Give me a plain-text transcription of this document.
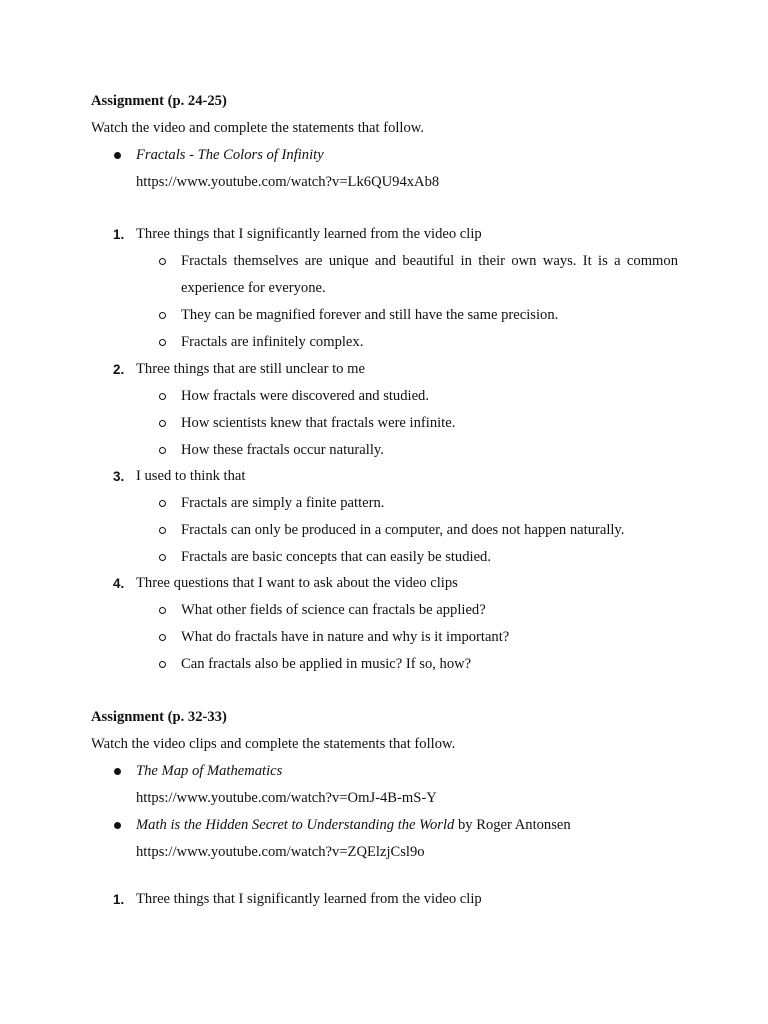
Assignment (p. 24-25)
Watch the video and complete the statements that follow.
Fractals - The Colors of Infinity
https://www.youtube.com/watch?v=Lk6QU94xAb8
1. Three things that I significantly learned from the video clip
Fractals themselves are unique and beautiful in their own ways. It is a common
experience for everyone.
They can be magnified forever and still have the same precision.
Fractals are infinitely complex.
2. Three things that are still unclear to me
How fractals were discovered and studied.
How scientists knew that fractals were infinite.
How these fractals occur naturally.
3. I used to think that
Fractals are simply a finite pattern.
Fractals can only be produced in a computer, and does not happen naturally.
Fractals are basic concepts that can easily be studied.
4. Three questions that I want to ask about the video clips
What other fields of science can fractals be applied?
What do fractals have in nature and why is it important?
Can fractals also be applied in music? If so, how?
Assignment (p. 32-33)
Watch the video clips and complete the statements that follow.
The Map of Mathematics
https://www.youtube.com/watch?v=OmJ-4B-mS-Y
Math is the Hidden Secret to Understanding the World by Roger Antonsen
https://www.youtube.com/watch?v=ZQElzjCsl9o
1. Three things that I significantly learned from the video clip
